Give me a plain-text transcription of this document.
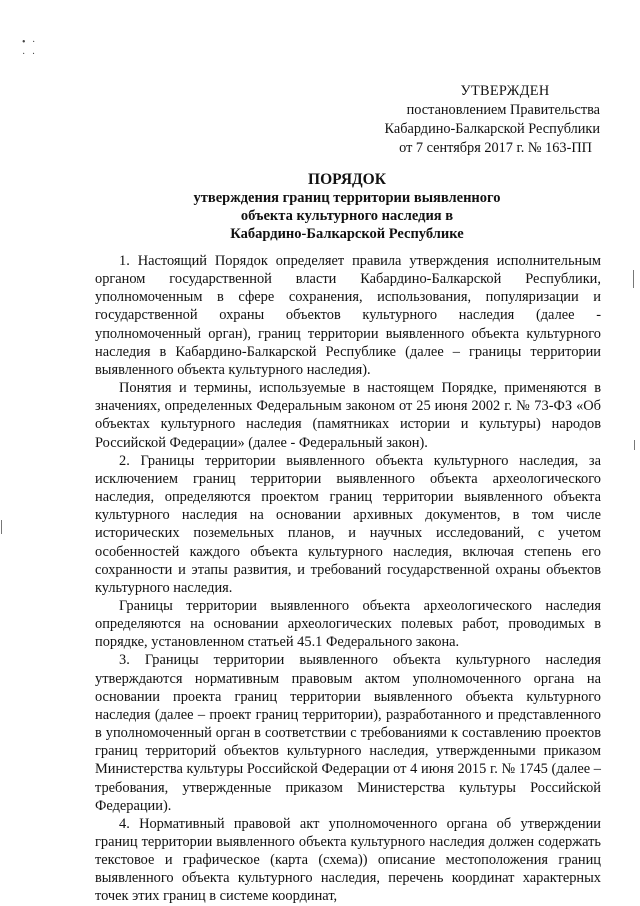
• ·
· ·
УТВЕРЖДЕН
постановлением Правительства
Кабардино-Балкарской Республики
от 7 сентября 2017 г. № 163-ПП
ПОРЯДОК
утверждения границ территории выявленного
объекта культурного наследия в
Кабардино-Балкарской Республике

1. Настоящий Порядок определяет правила утверждения исполнительным органом государственной власти Кабардино-Балкарской Республики, уполномоченным в сфере сохранения, использования, популяризации и государственной охраны объектов культурного наследия (далее - уполномоченный орган), границ территории выявленного объекта культурного наследия в Кабардино-Балкарской Республике (далее – границы территории выявленного объекта культурного наследия).

Понятия и термины, используемые в настоящем Порядке, применяются в значениях, определенных Федеральным законом от 25 июня 2002 г. № 73-ФЗ «Об объектах культурного наследия (памятниках истории и культуры) народов Российской Федерации» (далее - Федеральный закон).

2. Границы территории выявленного объекта культурного наследия, за исключением границ территории выявленного объекта археологического наследия, определяются проектом границ территории выявленного объекта культурного наследия на основании архивных документов, в том числе исторических поземельных планов, и научных исследований, с учетом особенностей каждого объекта культурного наследия, включая степень его сохранности и этапы развития, и требований государственной охраны объектов культурного наследия.

Границы территории выявленного объекта археологического наследия определяются на основании археологических полевых работ, проводимых в порядке, установленном статьей 45.1 Федерального закона.

3. Границы территории выявленного объекта культурного наследия утверждаются нормативным правовым актом уполномоченного органа на основании проекта границ территории выявленного объекта культурного наследия (далее – проект границ территории), разработанного и представленного в уполномоченный орган в соответствии с требованиями к составлению проектов границ территорий объектов культурного наследия, утвержденными приказом Министерства культуры Российской Федерации от 4 июня 2015 г. № 1745 (далее – требования, утвержденные приказом Министерства культуры Российской Федерации).

4. Нормативный правовой акт уполномоченного органа об утверждении границ территории выявленного объекта культурного наследия должен содержать текстовое и графическое (карта (схема)) описание местоположения границ выявленного объекта культурного наследия, перечень координат характерных точек этих границ в системе координат,
